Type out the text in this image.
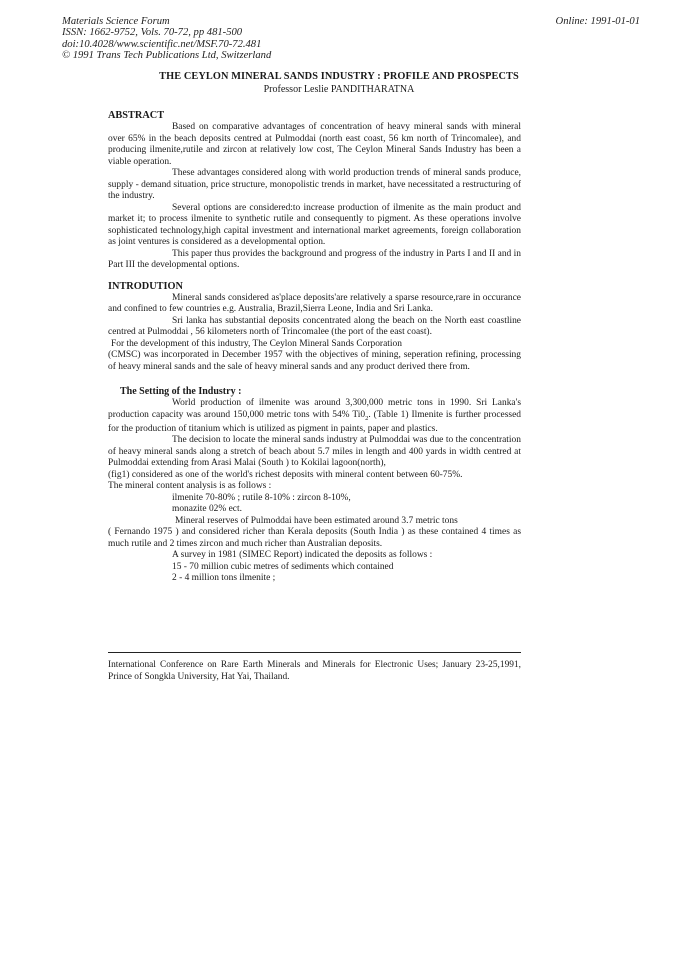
Materials Science Forum
ISSN: 1662-9752, Vols. 70-72, pp 481-500
doi:10.4028/www.scientific.net/MSF.70-72.481
© 1991 Trans Tech Publications Ltd, Switzerland
Online: 1991-01-01
THE CEYLON MINERAL SANDS INDUSTRY : PROFILE AND PROSPECTS
Professor Leslie PANDITHARATNA
ABSTRACT

Based on comparative advantages of concentration of heavy mineral sands with mineral over 65% in the beach deposits centred at Pulmoddai (north east coast, 56 km north of Trincomalee), and producing ilmenite,rutile and zircon at relatively low cost, The Ceylon Mineral Sands Industry has been a viable operation.

These advantages considered along with world production trends of mineral sands produce, supply - demand situation, price structure, monopolistic trends in market, have necessitated a restructuring of the industry.

Several options are considered:to increase production of ilmenite as the main product and market it; to process ilmenite to synthetic rutile and consequently to pigment. As these operations involve sophisticated technology,high capital investment and international market agreements, foreign collaboration as joint ventures is considered as a developmental option.

This paper thus provides the background and progress of the industry in Parts I and II and in Part III the developmental options.

INTRODUTION

Mineral sands considered as'place deposits'are relatively a sparse resource,rare in occurance and confined to few countries e.g. Australia, Brazil,Sierra Leone, India and Sri Lanka.

Sri lanka has substantial deposits concentrated along the beach on the North east coastline centred at Pulmoddai , 56 kilometers north of Trincomalee (the port of the east coast).

For the development of this industry, The Ceylon Mineral Sands Corporation

(CMSC) was incorporated in December 1957 with the objectives of mining, seperation refining, processing of heavy mineral sands and the sale of heavy mineral sands and any product derived there from.

The Setting of the Industry :

World production of ilmenite was around 3,300,000 metric tons in 1990. Sri Lanka's production capacity was around 150,000 metric tons with 54% $Ti0_2$. (Table 1) Ilmenite is further processed for the production of titanium which is utilized as pigment in paints, paper and plastics.

The decision to locate the mineral sands industry at Pulmoddai was due to the concentration of heavy mineral sands along a stretch of beach about 5.7 miles in length and 400 yards in width centred at Pulmoddai extending from Arasi Malai (South ) to Kokilai lagoon(north),

(fig1) considered as one of the world's richest deposits with mineral content between 60-75%.

The mineral content analysis is as follows :

ilmenite 70-80% ; rutile 8-10% : zircon 8-10%,

monazite 02% ect.

Mineral reserves of Pulmoddai have been estimated around 3.7 metric tons

( Fernando 1975 ) and considered richer than Kerala deposits (South India ) as these contained 4 times as much rutile and 2 times zircon and much richer than Australian deposits.

A survey in 1981 (SIMEC Report) indicated the deposits as follows :

15 - 70 million cubic metres of sediments which contained

2 - 4 million tons ilmenite ;

International Conference on Rare Earth Minerals and Minerals for Electronic Uses; January 23-25,1991, Prince of Songkla University, Hat Yai, Thailand.
